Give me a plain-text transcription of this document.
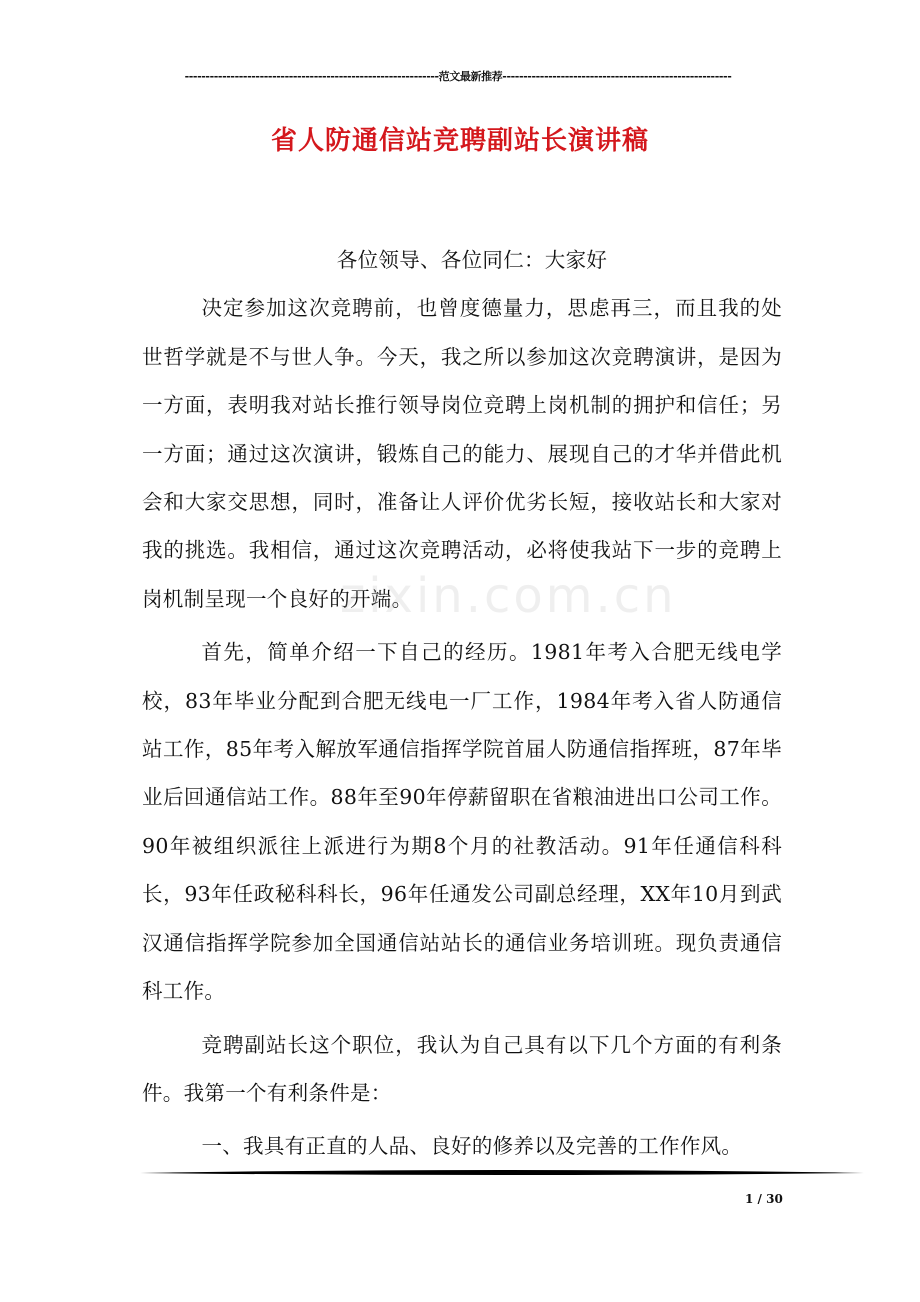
-------------------------------------------------------------范文最新推荐-------------------------------------------------------
省人防通信站竞聘副站长演讲稿

各位领导、各位同仁：大家好

决定参加这次竞聘前，也曾度德量力，思虑再三，而且我的处世哲学就是不与世人争。今天，我之所以参加这次竞聘演讲，是因为一方面，表明我对站长推行领导岗位竞聘上岗机制的拥护和信任；另一方面；通过这次演讲，锻炼自己的能力、展现自己的才华并借此机会和大家交思想，同时，准备让人评价优劣长短，接收站长和大家对我的挑选。我相信，通过这次竞聘活动，必将使我站下一步的竞聘上岗机制呈现一个良好的开端。

首先，简单介绍一下自己的经历。1981年考入合肥无线电学校，83年毕业分配到合肥无线电一厂工作，1984年考入省人防通信站工作，85年考入解放军通信指挥学院首届人防通信指挥班，87年毕业后回通信站工作。88年至90年停薪留职在省粮油进出口公司工作。90年被组织派往上派进行为期8个月的社教活动。91年任通信科科长，93年任政秘科科长，96年任通发公司副总经理，XX年10月到武汉通信指挥学院参加全国通信站站长的通信业务培训班。现负责通信科工作。

竞聘副站长这个职位，我认为自己具有以下几个方面的有利条件。我第一个有利条件是：

一、我具有正直的人品、良好的修养以及完善的工作作风。

zixin.com.cn
1 / 30
